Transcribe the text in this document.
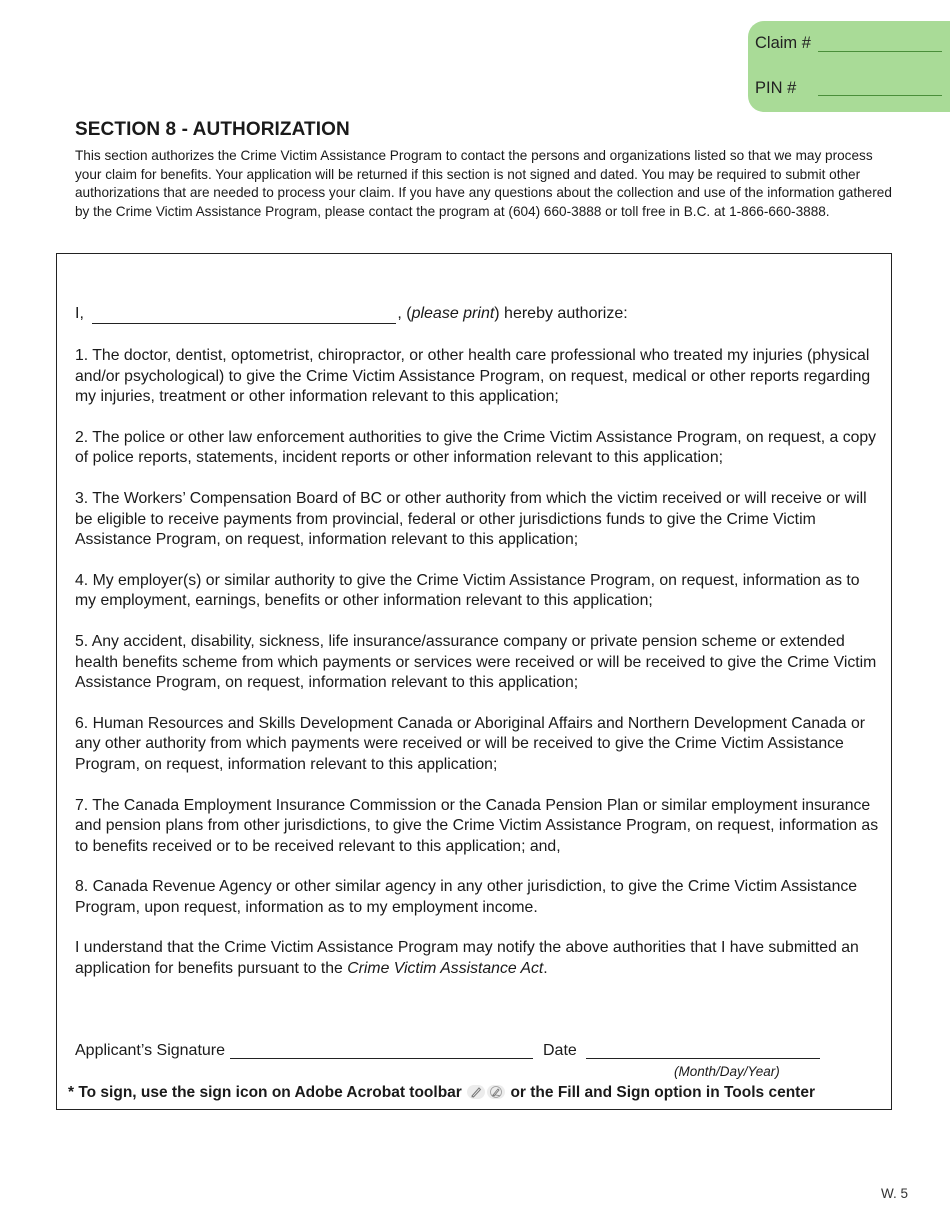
Claim #
PIN #
SECTION 8 - AUTHORIZATION

This section authorizes the Crime Victim Assistance Program to contact the persons and organizations listed so that we may process your claim for benefits. Your application will be returned if this section is not signed and dated. You may be required to submit other authorizations that are needed to process your claim. If you have any questions about the collection and use of the information gathered by the Crime Victim Assistance Program, please contact the program at (604) 660-3888 or toll free in B.C. at 1-866-660-3888.

I,	, (please print) hereby authorize:

1. The doctor, dentist, optometrist, chiropractor, or other health care professional who treated my injuries (physical and/or psychological) to give the Crime Victim Assistance Program, on request, medical or other reports regarding my injuries, treatment or other information relevant to this application;

2. The police or other law enforcement authorities to give the Crime Victim Assistance Program, on request, a copy of police reports, statements, incident reports or other information relevant to this application;

3. The Workers’ Compensation Board of BC or other authority from which the victim received or will receive or will be eligible to receive payments from provincial, federal or other jurisdictions funds to give the Crime Victim Assistance Program, on request, information relevant to this application;

4. My employer(s) or similar authority to give the Crime Victim Assistance Program, on request, information as to my employment, earnings, benefits or other information relevant to this application;

5. Any accident, disability, sickness, life insurance/assurance company or private pension scheme or extended health benefits scheme from which payments or services were received or will be received to give the Crime Victim Assistance Program, on request, information relevant to this application;

6. Human Resources and Skills Development Canada or Aboriginal Affairs and Northern Development Canada or any other authority from which payments were received or will be received to give the Crime Victim Assistance Program, on request, information relevant to this application;

7. The Canada Employment Insurance Commission or the Canada Pension Plan or similar employment insurance and pension plans from other jurisdictions, to give the Crime Victim Assistance Program, on request, information as to benefits received or to be received relevant to this application; and,

8. Canada Revenue Agency or other similar agency in any other jurisdiction, to give the Crime Victim Assistance Program, upon request, information as to my employment income.

I understand that the Crime Victim Assistance Program may notify the above authorities that I have submitted an application for benefits pursuant to the Crime Victim Assistance Act.

Applicant’s Signature	Date
(Month/Day/Year)
* To sign, use the sign icon on Adobe Acrobat toolbar	or the Fill and Sign option in Tools center
W. 5
